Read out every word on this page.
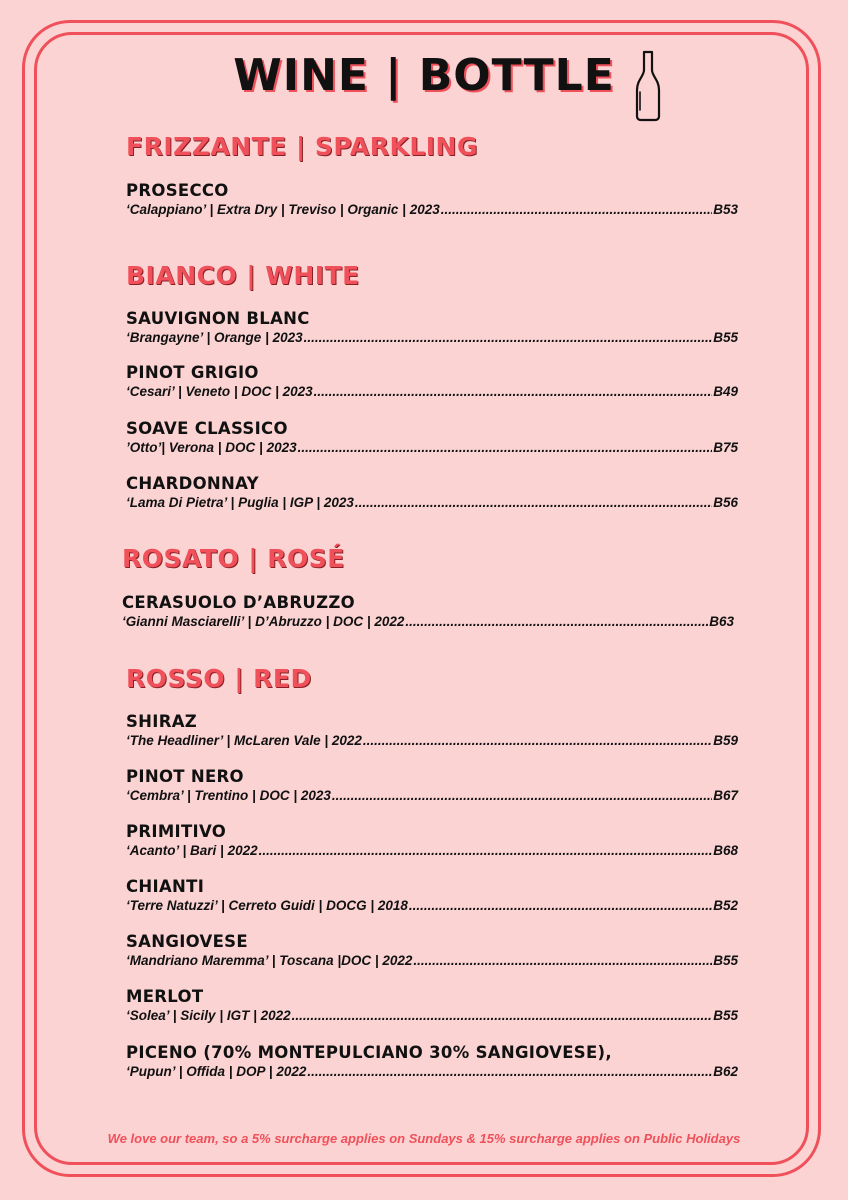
WINE | BOTTLE
FRIZZANTE | SPARKLING
PROSECCO
‘Calappiano’ | Extra Dry | Treviso | Organic | 2023 .....	B53
BIANCO | WHITE
SAUVIGNON BLANC
‘Brangayne’ | Orange | 2023 .....	B55
PINOT GRIGIO
‘Cesari’ | Veneto | DOC | 2023 .....	B49
SOAVE CLASSICO
’Otto’| Verona | DOC | 2023 .....	B75
CHARDONNAY
‘Lama Di Pietra’ | Puglia | IGP | 2023 .....	B56
ROSATO | ROSÉ
CERASUOLO D’ABRUZZO
‘Gianni Masciarelli’ | D’Abruzzo | DOC | 2022 .....	B63
ROSSO | RED
SHIRAZ
‘The Headliner’ | McLaren Vale | 2022 .....	B59
PINOT NERO
‘Cembra’ | Trentino | DOC | 2023 .....	B67
PRIMITIVO
‘Acanto’ | Bari | 2022 .....	B68
CHIANTI
‘Terre Natuzzi’ | Cerreto Guidi | DOCG | 2018 .....	B52
SANGIOVESE
‘Mandriano Maremma’ | Toscana |DOC | 2022 .....	B55
MERLOT
‘Solea’ | Sicily | IGT | 2022 .....	B55
PICENO (70% MONTEPULCIANO 30% SANGIOVESE),
‘Pupun’ | Offida | DOP | 2022 .....	B62
We love our team, so a 5% surcharge applies on Sundays & 15% surcharge applies on Public Holidays
